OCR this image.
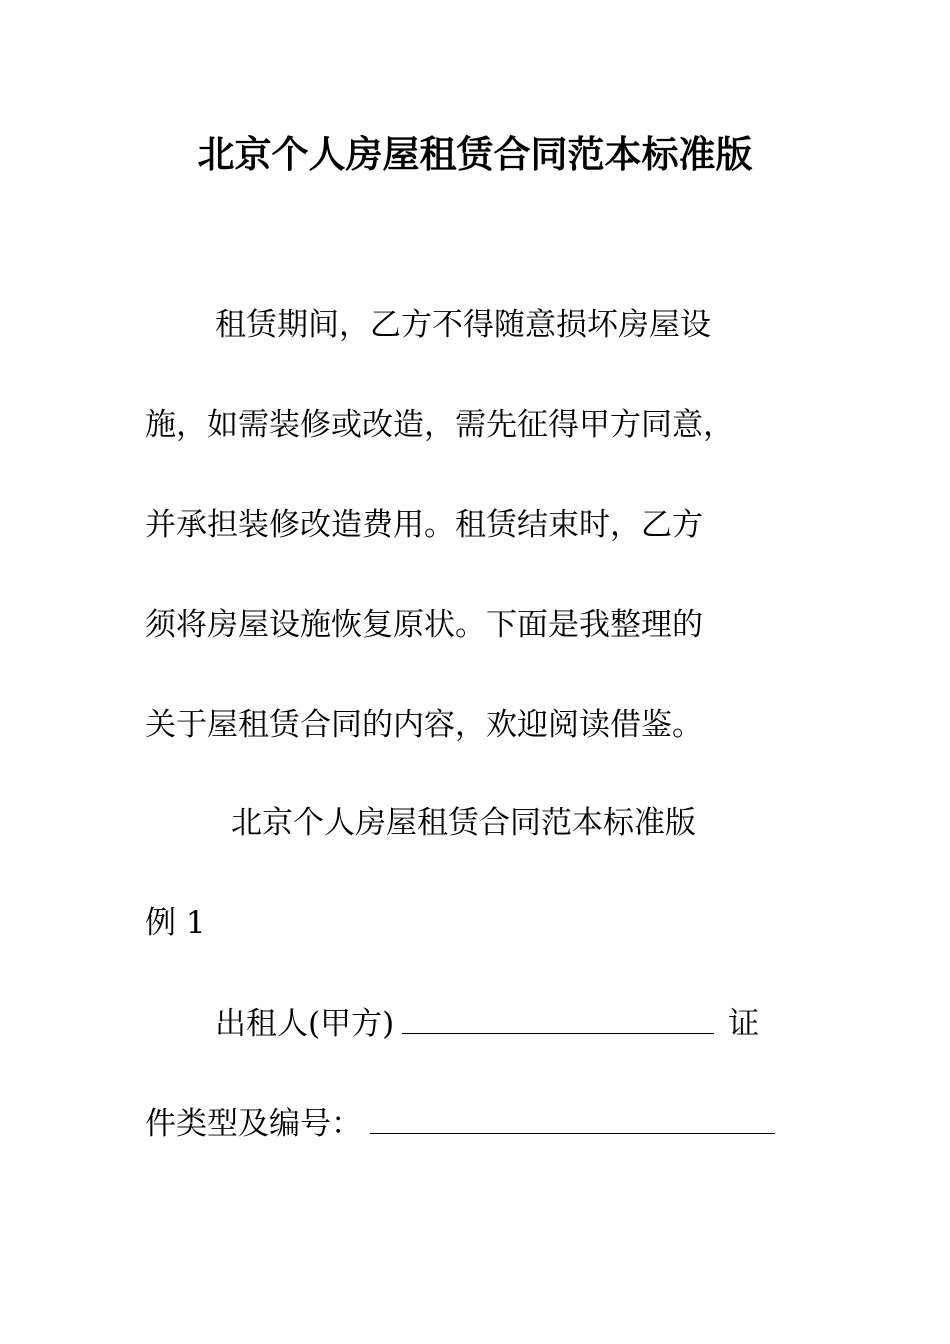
北京个人房屋租赁合同范本标准版
租赁期间，乙方不得随意损坏房屋设
施，如需装修或改造，需先征得甲方同意，
并承担装修改造费用。租赁结束时，乙方
须将房屋设施恢复原状。下面是我整理的
关于屋租赁合同的内容，欢迎阅读借鉴。
北京个人房屋租赁合同范本标准版
例 1
出租人(甲方)	证
件类型及编号：
